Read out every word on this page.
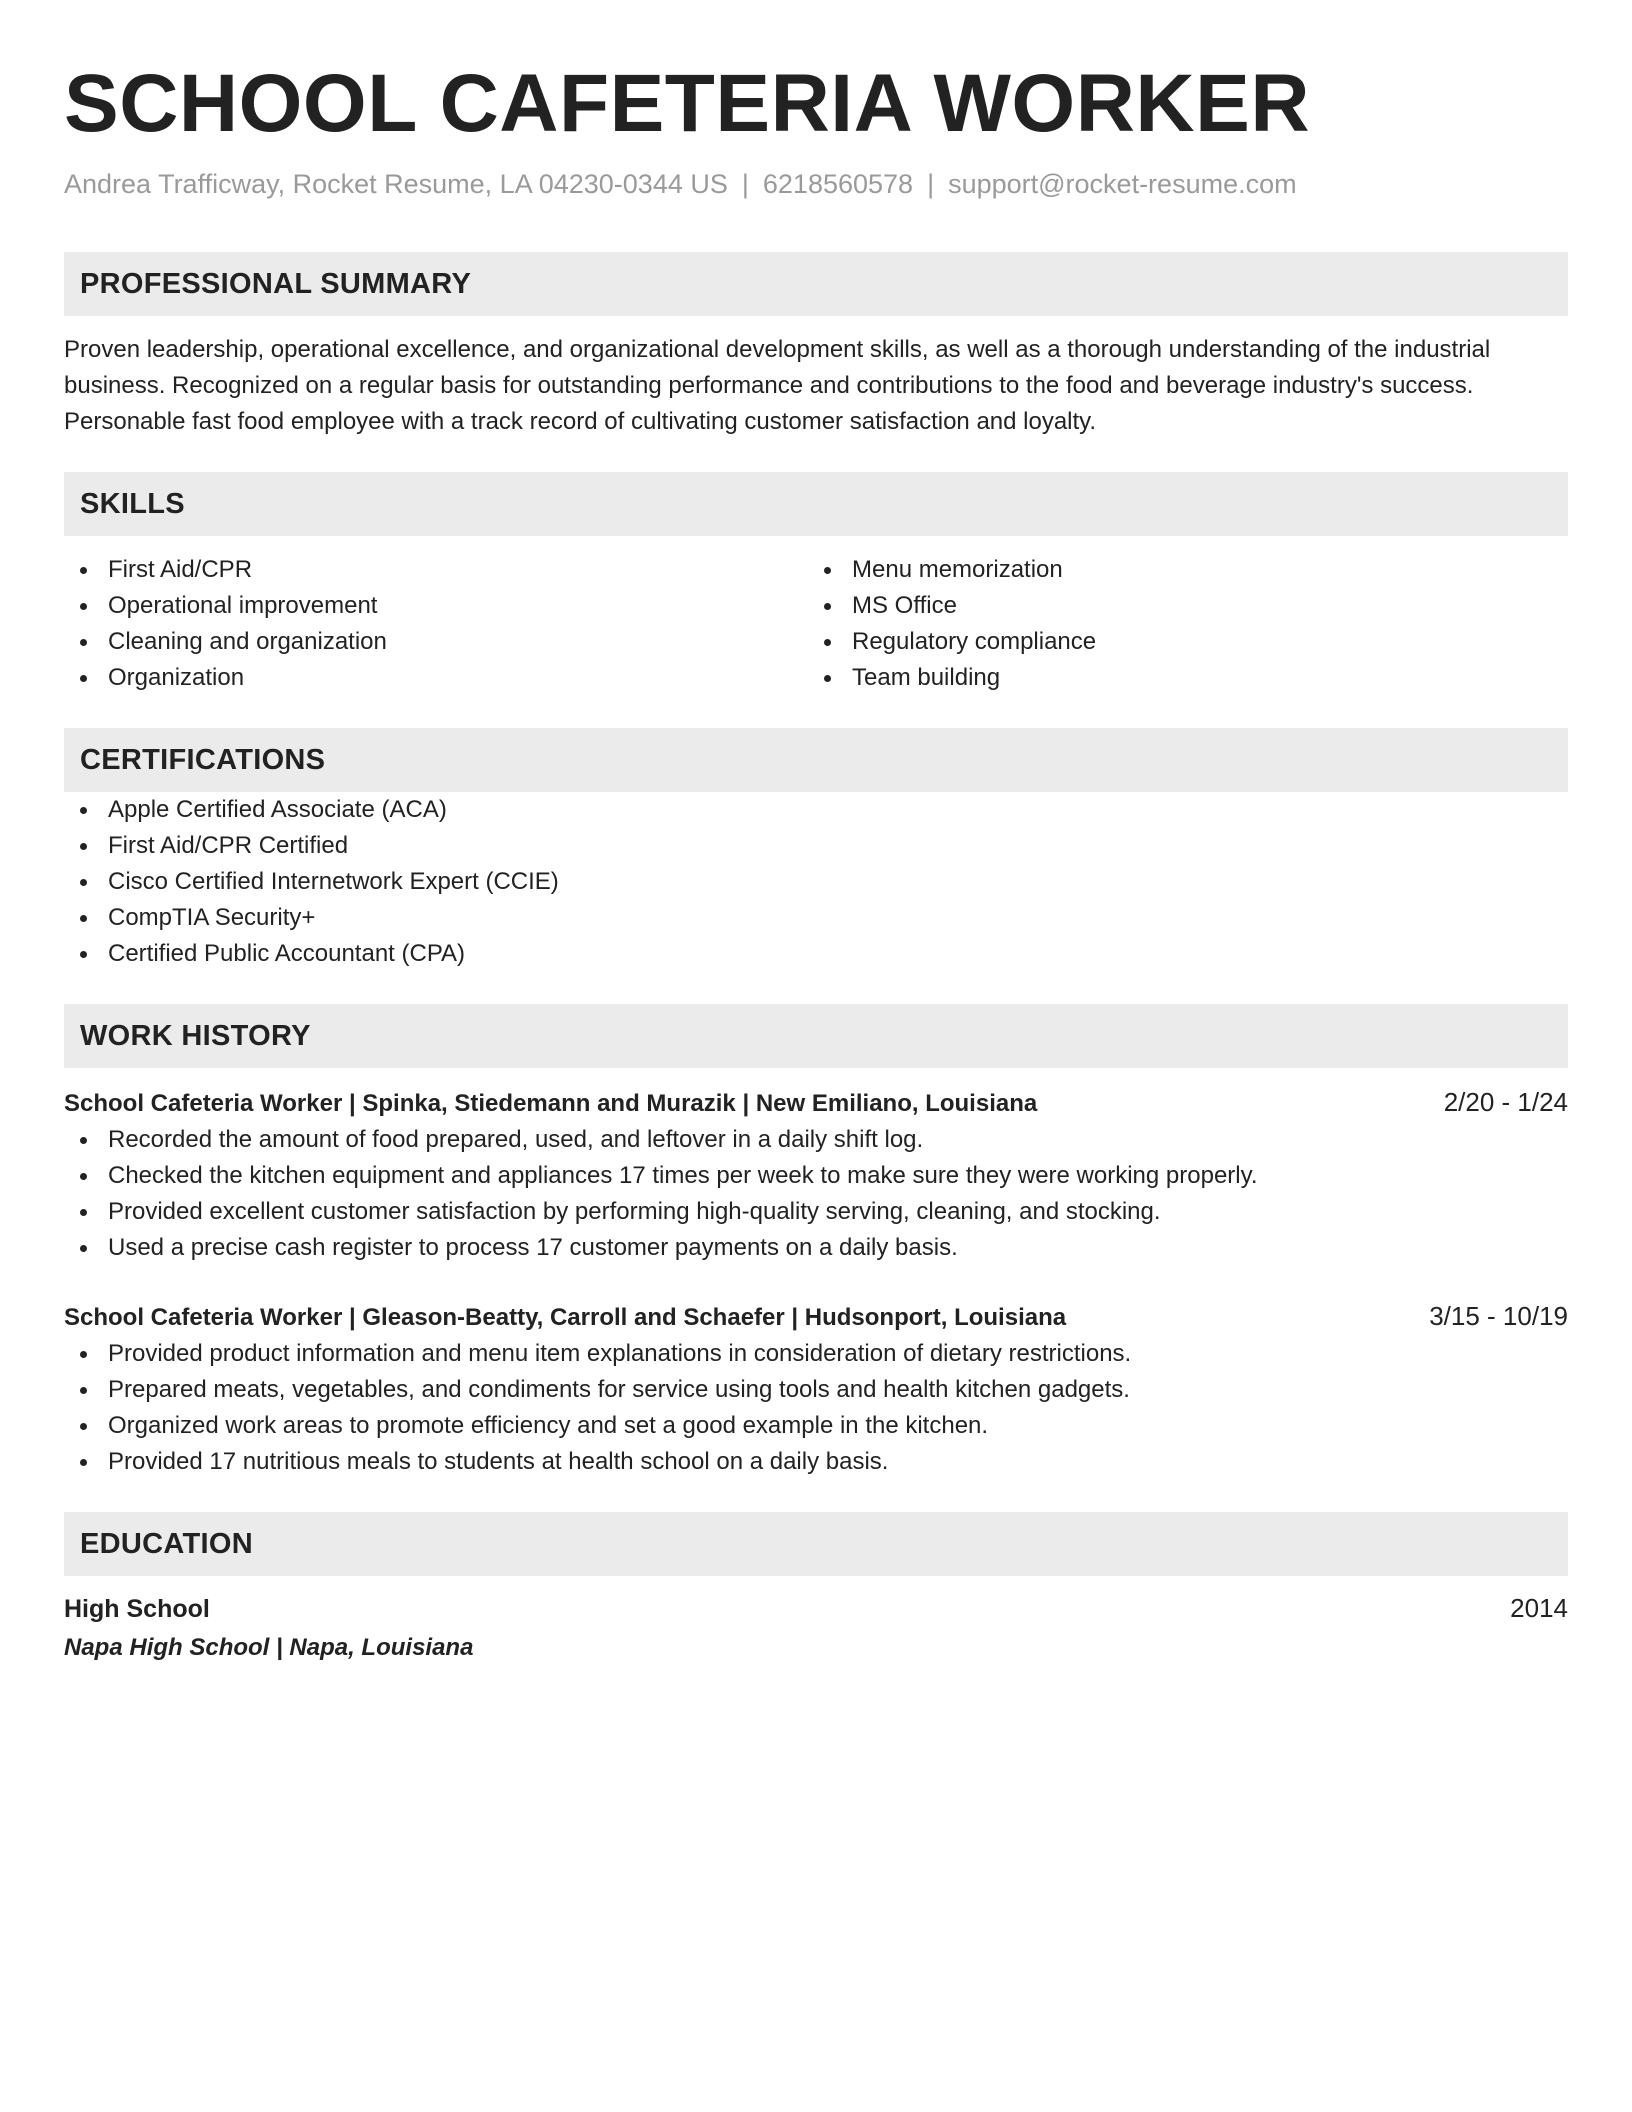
SCHOOL CAFETERIA WORKER
Andrea Trafficway, Rocket Resume, LA 04230-0344 US | 6218560578 | support@rocket-resume.com
PROFESSIONAL SUMMARY
Proven leadership, operational excellence, and organizational development skills, as well as a thorough understanding of the industrial business. Recognized on a regular basis for outstanding performance and contributions to the food and beverage industry's success. Personable fast food employee with a track record of cultivating customer satisfaction and loyalty.
SKILLS
First Aid/CPR
Operational improvement
Cleaning and organization
Organization
Menu memorization
MS Office
Regulatory compliance
Team building
CERTIFICATIONS
Apple Certified Associate (ACA)
First Aid/CPR Certified
Cisco Certified Internetwork Expert (CCIE)
CompTIA Security+
Certified Public Accountant (CPA)
WORK HISTORY
School Cafeteria Worker | Spinka, Stiedemann and Murazik | New Emiliano, Louisiana	2/20 - 1/24
Recorded the amount of food prepared, used, and leftover in a daily shift log.
Checked the kitchen equipment and appliances 17 times per week to make sure they were working properly.
Provided excellent customer satisfaction by performing high-quality serving, cleaning, and stocking.
Used a precise cash register to process 17 customer payments on a daily basis.
School Cafeteria Worker | Gleason-Beatty, Carroll and Schaefer | Hudsonport, Louisiana	3/15 - 10/19
Provided product information and menu item explanations in consideration of dietary restrictions.
Prepared meats, vegetables, and condiments for service using tools and health kitchen gadgets.
Organized work areas to promote efficiency and set a good example in the kitchen.
Provided 17 nutritious meals to students at health school on a daily basis.
EDUCATION
High School	2014
Napa High School | Napa, Louisiana
